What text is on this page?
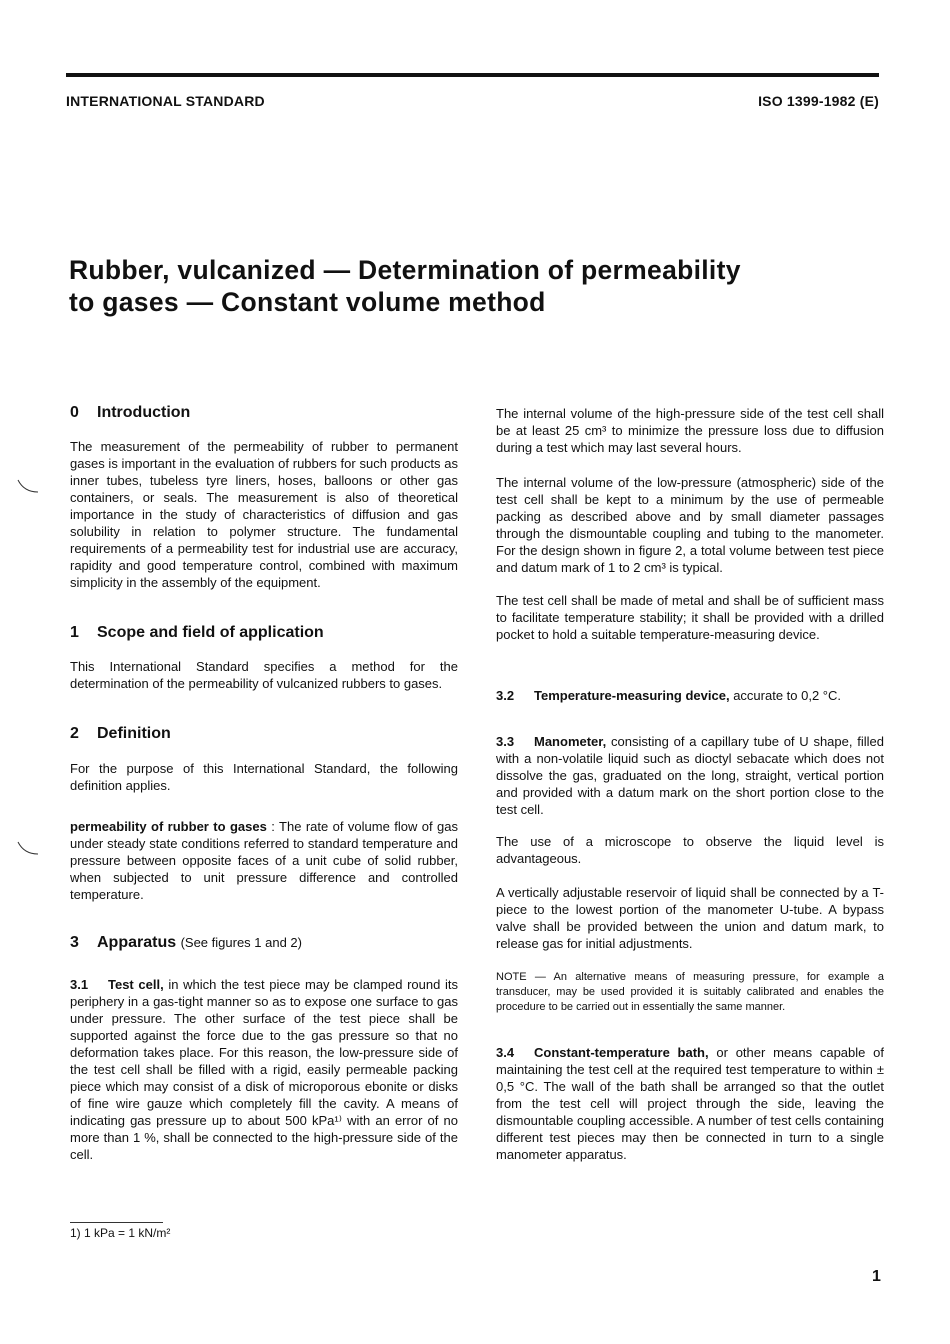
INTERNATIONAL STANDARD	ISO 1399-1982 (E)
Rubber, vulcanized — Determination of permeability
to gases — Constant volume method
0 Introduction
The measurement of the permeability of rubber to permanent gases is important in the evaluation of rubbers for such products as inner tubes, tubeless tyre liners, hoses, balloons or other gas containers, or seals. The measurement is also of theoretical importance in the study of characteristics of diffusion and gas solubility in relation to polymer structure. The fundamental requirements of a permeability test for industrial use are accuracy, rapidity and good temperature control, combined with maximum simplicity in the assembly of the equipment.
1 Scope and field of application
This International Standard specifies a method for the determination of the permeability of vulcanized rubbers to gases.
2 Definition
For the purpose of this International Standard, the following definition applies.
permeability of rubber to gases : The rate of volume flow of gas under steady state conditions referred to standard temperature and pressure between opposite faces of a unit cube of solid rubber, when subjected to unit pressure difference and controlled temperature.
3 Apparatus (See figures 1 and 2)
3.1 Test cell, in which the test piece may be clamped round its periphery in a gas-tight manner so as to expose one surface to gas under pressure. The other surface of the test piece shall be supported against the force due to the gas pressure so that no deformation takes place. For this reason, the low-pressure side of the test cell shall be filled with a rigid, easily permeable packing piece which may consist of a disk of microporous ebonite or disks of fine wire gauze which completely fill the cavity. A means of indicating gas pressure up to about 500 kPa¹⁾ with an error of no more than 1 %, shall be connected to the high-pressure side of the cell.
1) 1 kPa = 1 kN/m²
The internal volume of the high-pressure side of the test cell shall be at least 25 cm³ to minimize the pressure loss due to diffusion during a test which may last several hours.
The internal volume of the low-pressure (atmospheric) side of the test cell shall be kept to a minimum by the use of permeable packing as described above and by small diameter passages through the dismountable coupling and tubing to the manometer. For the design shown in figure 2, a total volume between test piece and datum mark of 1 to 2 cm³ is typical.
The test cell shall be made of metal and shall be of sufficient mass to facilitate temperature stability; it shall be provided with a drilled pocket to hold a suitable temperature-measuring device.
3.2 Temperature-measuring device, accurate to 0,2 °C.
3.3 Manometer, consisting of a capillary tube of U shape, filled with a non-volatile liquid such as dioctyl sebacate which does not dissolve the gas, graduated on the long, straight, vertical portion and provided with a datum mark on the short portion close to the test cell.
The use of a microscope to observe the liquid level is advantageous.
A vertically adjustable reservoir of liquid shall be connected by a T-piece to the lowest portion of the manometer U-tube. A bypass valve shall be provided between the union and datum mark, to release gas for initial adjustments.
NOTE — An alternative means of measuring pressure, for example a transducer, may be used provided it is suitably calibrated and enables the procedure to be carried out in essentially the same manner.
3.4 Constant-temperature bath, or other means capable of maintaining the test cell at the required test temperature to within ± 0,5 °C. The wall of the bath shall be arranged so that the outlet from the test cell will project through the side, leaving the dismountable coupling accessible. A number of test cells containing different test pieces may then be connected in turn to a single manometer apparatus.
1
